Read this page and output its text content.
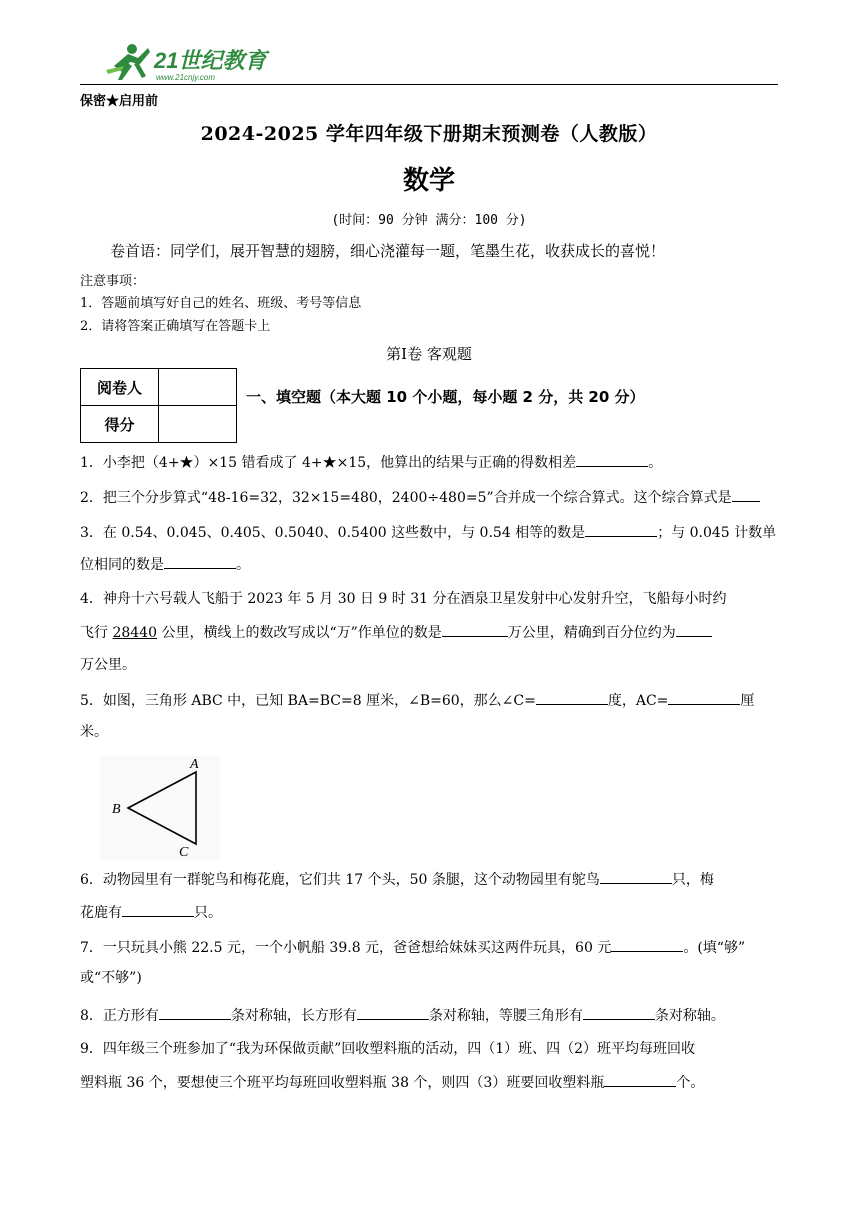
21世纪教育
www.21cnjy.com
保密★启用前
2024-2025 学年四年级下册期末预测卷（人教版）
数学
(时间：90 分钟 满分：100 分)
卷首语：同学们，展开智慧的翅膀，细心浇灌每一题，笔墨生花，收获成长的喜悦！
注意事项：
1．答题前填写好自己的姓名、班级、考号等信息
2．请将答案正确填写在答题卡上
第Ⅰ卷 客观题
阅卷人	
得分	
一、填空题（本大题 10 个小题，每小题 2 分，共 20 分）
1．小李把（4+★）×15 错看成了 4+★×15，他算出的结果与正确的得数相差	。
2．把三个分步算式“48-16=32，32×15=480，2400÷480=5”合并成一个综合算式。这个综合算式是
3．在 0.54、0.045、0.405、0.5040、0.5400 这些数中，与 0.54 相等的数是	；与 0.045 计数单
位相同的数是	。
4．神舟十六号载人飞船于 2023 年 5 月 30 日 9 时 31 分在酒泉卫星发射中心发射升空，飞船每小时约
飞行 28440 公里，横线上的数改写成以“万”作单位的数是	万公里，精确到百分位约为
万公里。
5．如图，三角形 ABC 中，已知 BA=BC=8 厘米，∠B=60，那么∠C=	度，AC=	厘
米。
A
B
C
6．动物园里有一群鸵鸟和梅花鹿，它们共 17 个头，50 条腿，这个动物园里有鸵鸟	只，梅
花鹿有	只。
7．一只玩具小熊 22.5 元，一个小帆船 39.8 元，爸爸想给妹妹买这两件玩具，60 元	。(填“够”
或“不够”)
8．正方形有	条对称轴，长方形有	条对称轴，等腰三角形有	条对称轴。
9．四年级三个班参加了“我为环保做贡献”回收塑料瓶的活动，四（1）班、四（2）班平均每班回收
塑料瓶 36 个，要想使三个班平均每班回收塑料瓶 38 个，则四（3）班要回收塑料瓶	个。
